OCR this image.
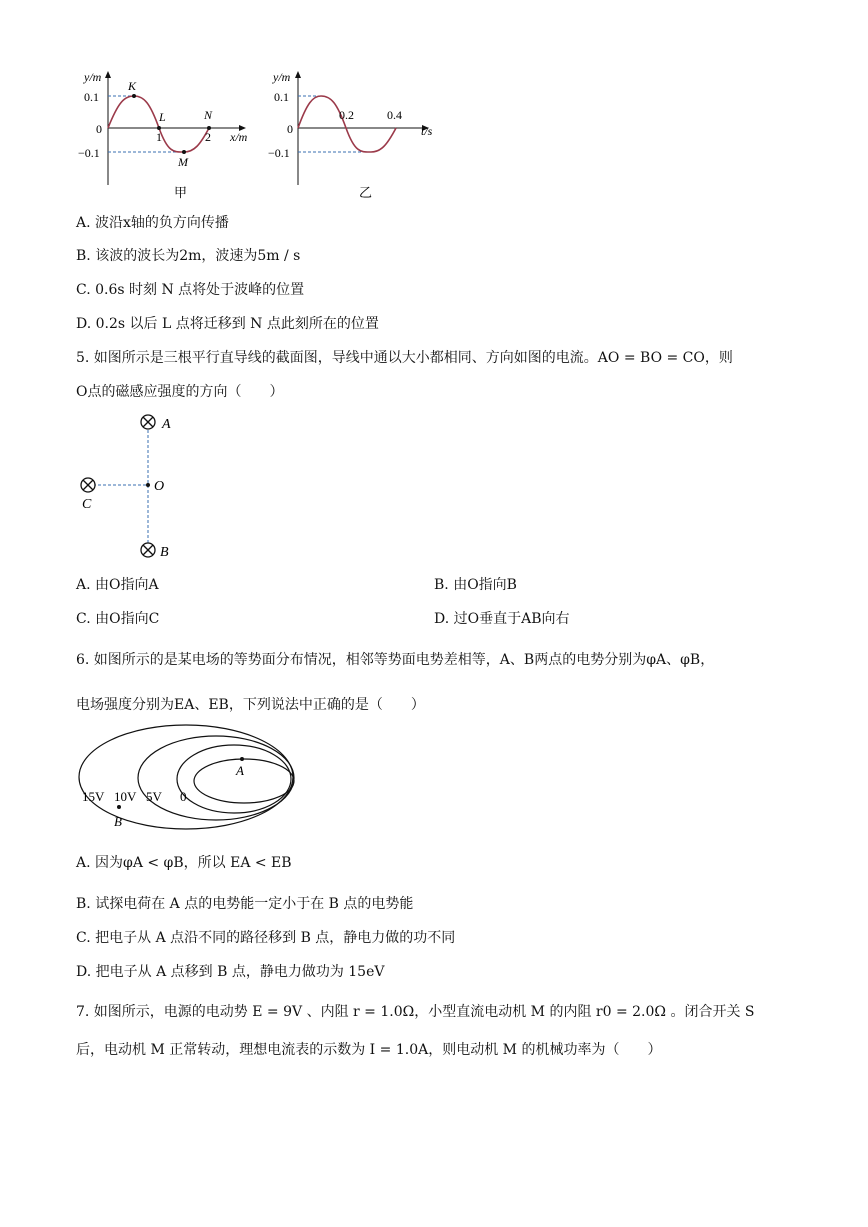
y/m
x/m
0.1
−0.1
0
1	2
K
L
M
N
甲
y/m
t/s
0.1
−0.1
0
0.2	0.4
乙
A. 波沿x轴的负方向传播
B. 该波的波长为2m，波速为5m / s
C. 0.6s 时刻 N 点将处于波峰的位置
D. 0.2s 以后 L 点将迁移到 N 点此刻所在的位置
5. 如图所示是三根平行直导线的截面图，导线中通以大小都相同、方向如图的电流。AO = BO = CO，则
O点的磁感应强度的方向（　　）
A
C
O
B
A. 由O指向A	B. 由O指向B
C. 由O指向C	D. 过O垂直于AB向右
6. 如图所示的是某电场的等势面分布情况，相邻等势面电势差相等，A、B两点的电势分别为φA、φB，
电场强度分别为EA、EB，下列说法中正确的是（　　）
A
B
15V 10V 5V 0
A. 因为φA < φB，所以 EA < EB
B. 试探电荷在 A 点的电势能一定小于在 B 点的电势能
C. 把电子从 A 点沿不同的路径移到 B 点，静电力做的功不同
D. 把电子从 A 点移到 B 点，静电力做功为 15eV
7. 如图所示，电源的电动势 E = 9V 、内阻 r = 1.0Ω，小型直流电动机 M 的内阻 r0 = 2.0Ω 。闭合开关 S
后，电动机 M 正常转动，理想电流表的示数为 I = 1.0A，则电动机 M 的机械功率为（　　）
